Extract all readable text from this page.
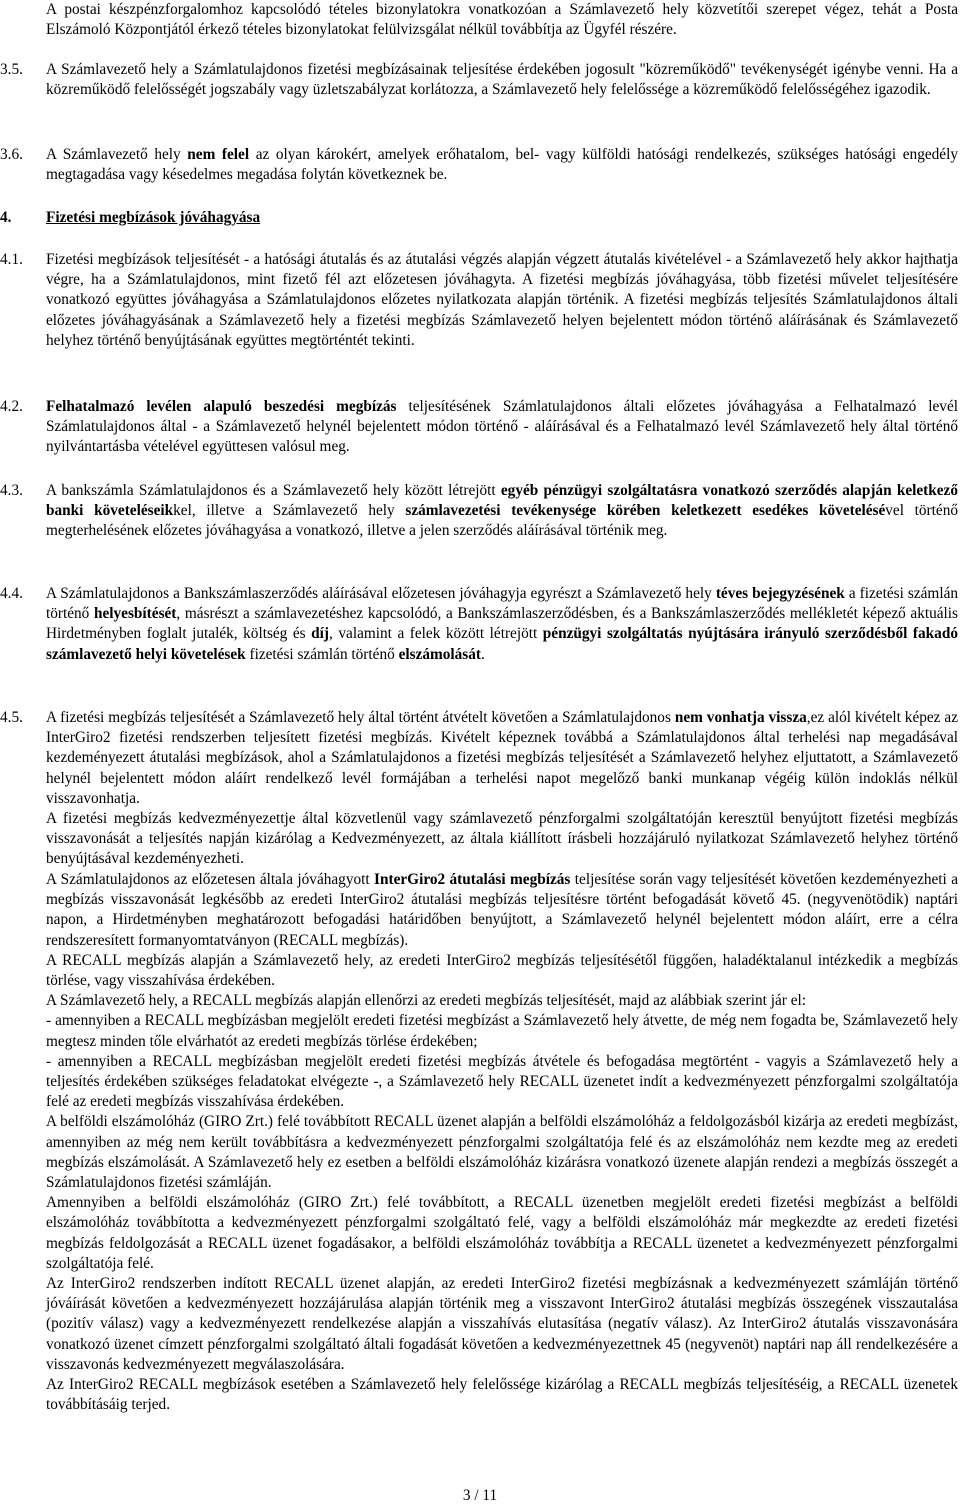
A postai készpénzforgalomhoz kapcsolódó tételes bizonylatokra vonatkozóan a Számlavezető hely közvetítői szerepet végez, tehát a Posta Elszámoló Központjától érkező tételes bizonylatokat felülvizsgálat nélkül továbbítja az Ügyfél részére.

3.5.	A Számlavezető hely a Számlatulajdonos fizetési megbízásainak teljesítése érdekében jogosult "közreműködő" tevékenységét igénybe venni. Ha a közreműködő felelősségét jogszabály vagy üzletszabályzat korlátozza, a Számlavezető hely felelőssége a közreműködő felelősségéhez igazodik.
3.6.	A Számlavezető hely nem felel az olyan károkért, amelyek erőhatalom, bel- vagy külföldi hatósági rendelkezés, szükséges hatósági engedély megtagadása vagy késedelmes megadása folytán következnek be.
4.	Fizetési megbízások jóváhagyása
4.1.	Fizetési megbízások teljesítését - a hatósági átutalás és az átutalási végzés alapján végzett átutalás kivételével - a Számlavezető hely akkor hajthatja végre, ha a Számlatulajdonos, mint fizető fél azt előzetesen jóváhagyta. A fizetési megbízás jóváhagyása, több fizetési művelet teljesítésére vonatkozó együttes jóváhagyása a Számlatulajdonos előzetes nyilatkozata alapján történik. A fizetési megbízás teljesítés Számlatulajdonos általi előzetes jóváhagyásának a Számlavezető hely a fizetési megbízás Számlavezető helyen bejelentett módon történő aláírásának és Számlavezető helyhez történő benyújtásának együttes megtörténtét tekinti.
4.2.	Felhatalmazó levélen alapuló beszedési megbízás teljesítésének Számlatulajdonos általi előzetes jóváhagyása a Felhatalmazó levél Számlatulajdonos által - a Számlavezető helynél bejelentett módon történő - aláírásával és a Felhatalmazó levél Számlavezető hely által történő nyilvántartásba vételével együttesen valósul meg.
4.3.	A bankszámla Számlatulajdonos és a Számlavezető hely között létrejött egyéb pénzügyi szolgáltatásra vonatkozó szerződés alapján keletkező banki követeléseikkel, illetve a Számlavezető hely számlavezetési tevékenysége körében keletkezett esedékes követelésével történő megterhelésének előzetes jóváhagyása a vonatkozó, illetve a jelen szerződés aláírásával történik meg.
4.4.	A Számlatulajdonos a Bankszámlaszerződés aláírásával előzetesen jóváhagyja egyrészt a Számlavezető hely téves bejegyzésének a fizetési számlán történő helyesbítését, másrészt a számlavezetéshez kapcsolódó, a Bankszámlaszerződésben, és a Bankszámlaszerződés mellékletét képező aktuális Hirdetményben foglalt jutalék, költség és díj, valamint a felek között létrejött pénzügyi szolgáltatás nyújtására irányuló szerződésből fakadó számlavezető helyi követelések fizetési számlán történő elszámolását.
4.5.	A fizetési megbízás teljesítését a Számlavezető hely által történt átvételt követően a Számlatulajdonos nem vonhatja vissza,ez alól kivételt képez az InterGiro2 fizetési rendszerben teljesített fizetési megbízás. Kivételt képeznek továbbá a Számlatulajdonos által terhelési nap megadásával kezdeményezett átutalási megbízások, ahol a Számlatulajdonos a fizetési megbízás teljesítését a Számlavezető helyhez eljuttatott, a Számlavezető helynél bejelentett módon aláírt rendelkező levél formájában a terhelési napot megelőző banki munkanap végéig külön indoklás nélkül visszavonhatja.

A fizetési megbízás kedvezményezettje által közvetlenül vagy számlavezető pénzforgalmi szolgáltatóján keresztül benyújtott fizetési megbízás visszavonását a teljesítés napján kizárólag a Kedvezményezett, az általa kiállított írásbeli hozzájáruló nyilatkozat Számlavezető helyhez történő benyújtásával kezdeményezheti.

A Számlatulajdonos az előzetesen általa jóváhagyott InterGiro2 átutalási megbízás teljesítése során vagy teljesítését követően kezdeményezheti a megbízás visszavonását legkésőbb az eredeti InterGiro2 átutalási megbízás teljesítésre történt befogadását követő 45. (negyvenötödik) naptári napon, a Hirdetményben meghatározott befogadási határidőben benyújtott, a Számlavezető helynél bejelentett módon aláírt, erre a célra rendszeresített formanyomtatványon (RECALL megbízás).

A RECALL megbízás alapján a Számlavezető hely, az eredeti InterGiro2 megbízás teljesítésétől függően, haladéktalanul intézkedik a megbízás törlése, vagy visszahívása érdekében.

A Számlavezető hely, a RECALL megbízás alapján ellenőrzi az eredeti megbízás teljesítését, majd az alábbiak szerint jár el:

- amennyiben a RECALL megbízásban megjelölt eredeti fizetési megbízást a Számlavezető hely átvette, de még nem fogadta be, Számlavezető hely megtesz minden tőle elvárhatót az eredeti megbízás törlése érdekében;

- amennyiben a RECALL megbízásban megjelölt eredeti fizetési megbízás átvétele és befogadása megtörtént - vagyis a Számlavezető hely a teljesítés érdekében szükséges feladatokat elvégezte -, a Számlavezető hely RECALL üzenetet indít a kedvezményezett pénzforgalmi szolgáltatója felé az eredeti megbízás visszahívása érdekében.

A belföldi elszámolóház (GIRO Zrt.) felé továbbított RECALL üzenet alapján a belföldi elszámolóház a feldolgozásból kizárja az eredeti megbízást, amennyiben az még nem került továbbításra a kedvezményezett pénzforgalmi szolgáltatója felé és az elszámolóház nem kezdte meg az eredeti megbízás elszámolását. A Számlavezető hely ez esetben a belföldi elszámolóház kizárásra vonatkozó üzenete alapján rendezi a megbízás összegét a Számlatulajdonos fizetési számláján.

Amennyiben a belföldi elszámolóház (GIRO Zrt.) felé továbbított, a RECALL üzenetben megjelölt eredeti fizetési megbízást a belföldi elszámolóház továbbította a kedvezményezett pénzforgalmi szolgáltató felé, vagy a belföldi elszámolóház már megkezdte az eredeti fizetési megbízás feldolgozását a RECALL üzenet fogadásakor, a belföldi elszámolóház továbbítja a RECALL üzenetet a kedvezményezett pénzforgalmi szolgáltatója felé.

Az InterGiro2 rendszerben indított RECALL üzenet alapján, az eredeti InterGiro2 fizetési megbízásnak a kedvezményezett számláján történő jóváírását követően a kedvezményezett hozzájárulása alapján történik meg a visszavont InterGiro2 átutalási megbízás összegének visszautalása (pozitív válasz) vagy a kedvezményezett rendelkezése alapján a visszahívás elutasítása (negatív válasz). Az InterGiro2 átutalás visszavonására vonatkozó üzenet címzett pénzforgalmi szolgáltató általi fogadását követően a kedvezményezettnek 45 (negyvenöt) naptári nap áll rendelkezésére a visszavonás kedvezményezett megválaszolására.

Az InterGiro2 RECALL megbízások esetében a Számlavezető hely felelőssége kizárólag a RECALL megbízás teljesítéséig, a RECALL üzenetek továbbításáig terjed.

3 / 11
